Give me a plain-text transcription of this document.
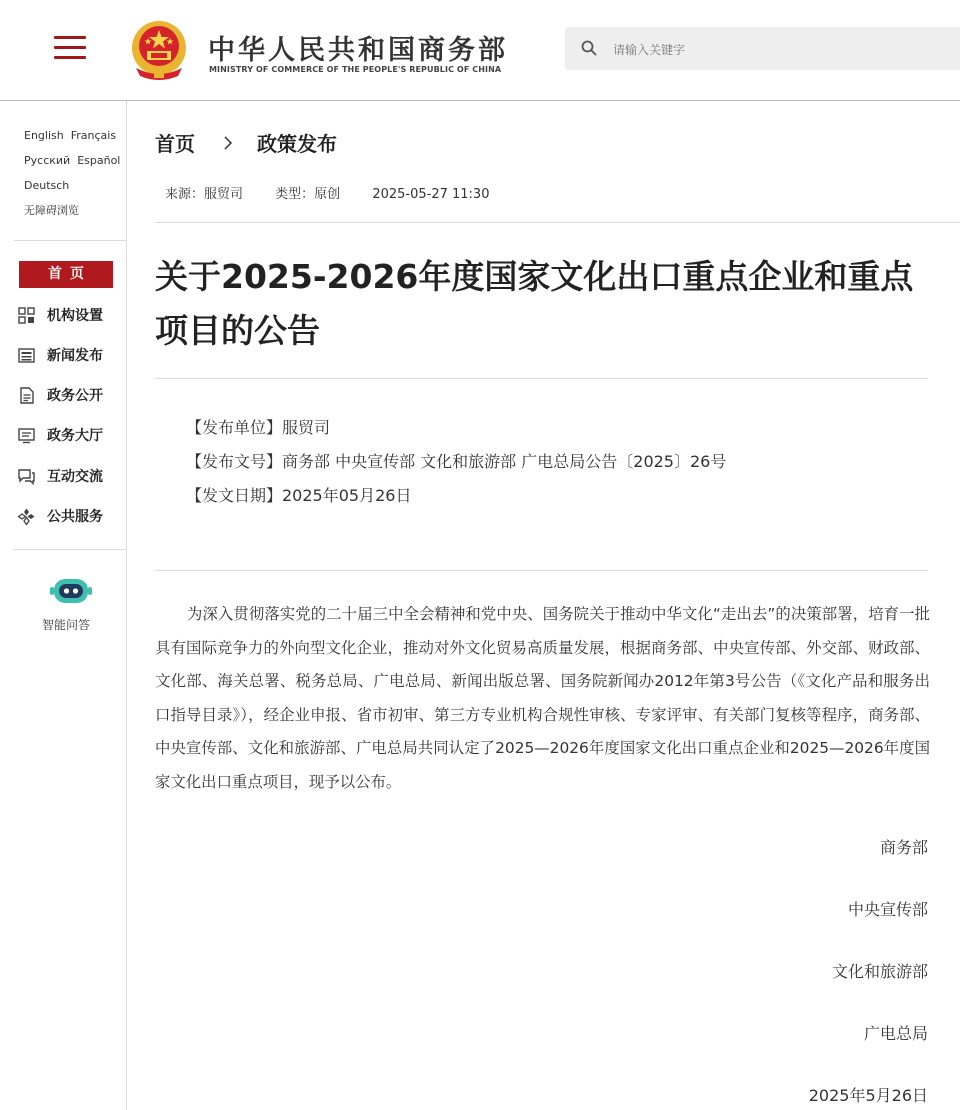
中华人民共和国商务部
MINISTRY OF COMMERCE OF THE PEOPLE'S REPUBLIC OF CHINA
请输入关键字
English Français
Русский Español
Deutsch
无障碍浏览
首页
机构设置
新闻发布
政务公开
政务大厅
互动交流
公共服务
智能问答
首页	政策发布
来源：服贸司 类型：原创 2025-05-27 11:30
关于2025-2026年度国家文化出口重点企业和重点项目的公告
【发布单位】服贸司
【发布文号】商务部 中央宣传部 文化和旅游部 广电总局公告〔2025〕26号
【发文日期】2025年05月26日
为深入贯彻落实党的二十届三中全会精神和党中央、国务院关于推动中华文化“走出去”的决策部署，培育一批具有国际竞争力的外向型文化企业，推动对外文化贸易高质量发展，根据商务部、中央宣传部、外交部、财政部、文化部、海关总署、税务总局、广电总局、新闻出版总署、国务院新闻办2012年第3号公告（《文化产品和服务出口指导目录》），经企业申报、省市初审、第三方专业机构合规性审核、专家评审、有关部门复核等程序，商务部、中央宣传部、文化和旅游部、广电总局共同认定了2025—2026年度国家文化出口重点企业和2025—2026年度国家文化出口重点项目，现予以公布。
商务部
中央宣传部
文化和旅游部
广电总局
2025年5月26日
